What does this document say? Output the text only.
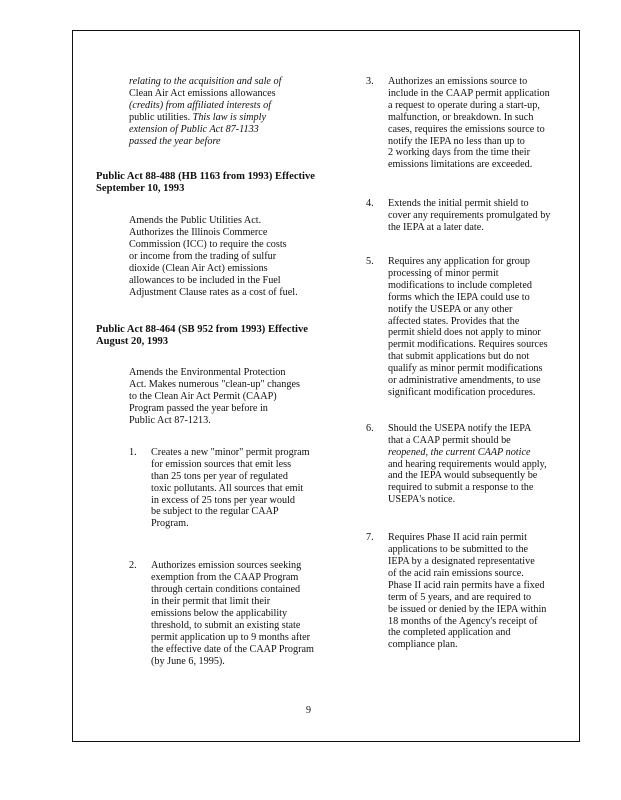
relating to the acquisition and sale of

Clean Air Act emissions allowances

(credits) from affiliated interests of

public utilities. This law is simply

extension of Public Act 87-1133

passed the year before

Public Act 88-488 (HB 1163 from 1993) Effective

September 10, 1993

Amends the Public Utilities Act.

Authorizes the Illinois Commerce

Commission (ICC) to require the costs

or income from the trading of sulfur

dioxide (Clean Air Act) emissions

allowances to be included in the Fuel

Adjustment Clause rates as a cost of fuel.

Public Act 88-464 (SB 952 from 1993) Effective

August 20, 1993

Amends the Environmental Protection

Act. Makes numerous "clean-up" changes

to the Clean Air Act Permit (CAAP)

Program passed the year before in

Public Act 87-1213.

1. Creates a new "minor" permit program

for emission sources that emit less

than 25 tons per year of regulated

toxic pollutants. All sources that emit

in excess of 25 tons per year would

be subject to the regular CAAP

Program.

2. Authorizes emission sources seeking

exemption from the CAAP Program

through certain conditions contained

in their permit that limit their

emissions below the applicability

threshold, to submit an existing state

permit application up to 9 months after

the effective date of the CAAP Program

(by June 6, 1995).

3. Authorizes an emissions source to

include in the CAAP permit application

a request to operate during a start-up,

malfunction, or breakdown. In such

cases, requires the emissions source to

notify the IEPA no less than up to

2 working days from the time their

emissions limitations are exceeded.

4. Extends the initial permit shield to

cover any requirements promulgated by

the IEPA at a later date.

5. Requires any application for group

processing of minor permit

modifications to include completed

forms which the IEPA could use to

notify the USEPA or any other

affected states. Provides that the

permit shield does not apply to minor

permit modifications. Requires sources

that submit applications but do not

qualify as minor permit modifications

or administrative amendments, to use

significant modification procedures.

6. Should the USEPA notify the IEPA

that a CAAP permit should be

reopened, the current CAAP notice

and hearing requirements would apply,

and the IEPA would subsequently be

required to submit a response to the

USEPA's notice.

7. Requires Phase II acid rain permit

applications to be submitted to the

IEPA by a designated representative

of the acid rain emissions source.

Phase II acid rain permits have a fixed

term of 5 years, and are required to

be issued or denied by the IEPA within

18 months of the Agency's receipt of

the completed application and

compliance plan.

9
